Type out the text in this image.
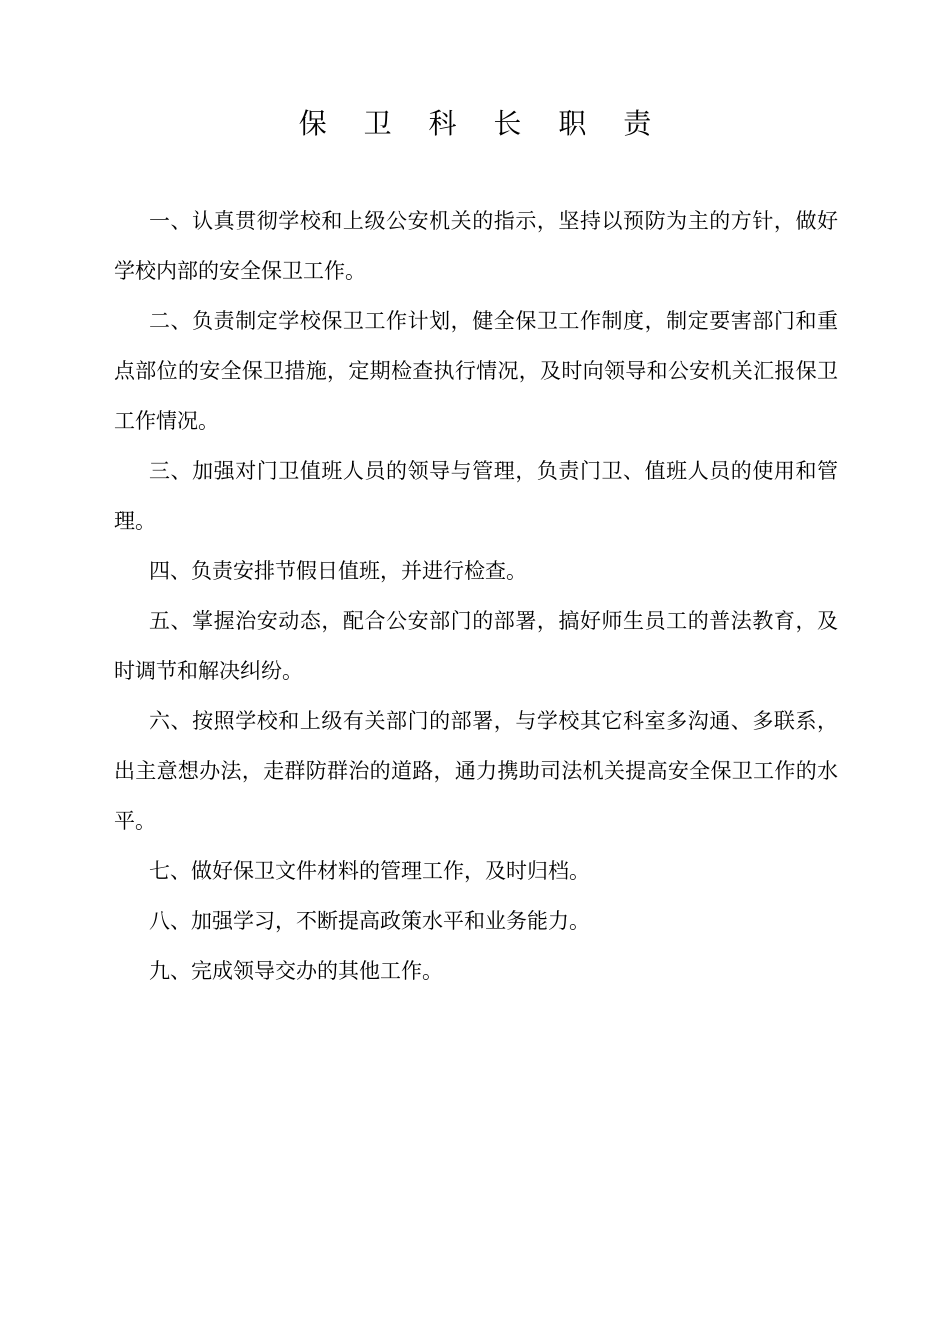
保 卫 科 长 职 责

一、认真贯彻学校和上级公安机关的指示，坚持以预防为主的方针，做好学校内部的安全保卫工作。

二、负责制定学校保卫工作计划，健全保卫工作制度，制定要害部门和重点部位的安全保卫措施，定期检查执行情况，及时向领导和公安机关汇报保卫工作情况。

三、加强对门卫值班人员的领导与管理，负责门卫、值班人员的使用和管理。

四、负责安排节假日值班，并进行检查。

五、掌握治安动态，配合公安部门的部署，搞好师生员工的普法教育，及时调节和解决纠纷。

六、按照学校和上级有关部门的部署，与学校其它科室多沟通、多联系，出主意想办法，走群防群治的道路，通力携助司法机关提高安全保卫工作的水平。

七、做好保卫文件材料的管理工作，及时归档。

八、加强学习，不断提高政策水平和业务能力。

九、完成领导交办的其他工作。
